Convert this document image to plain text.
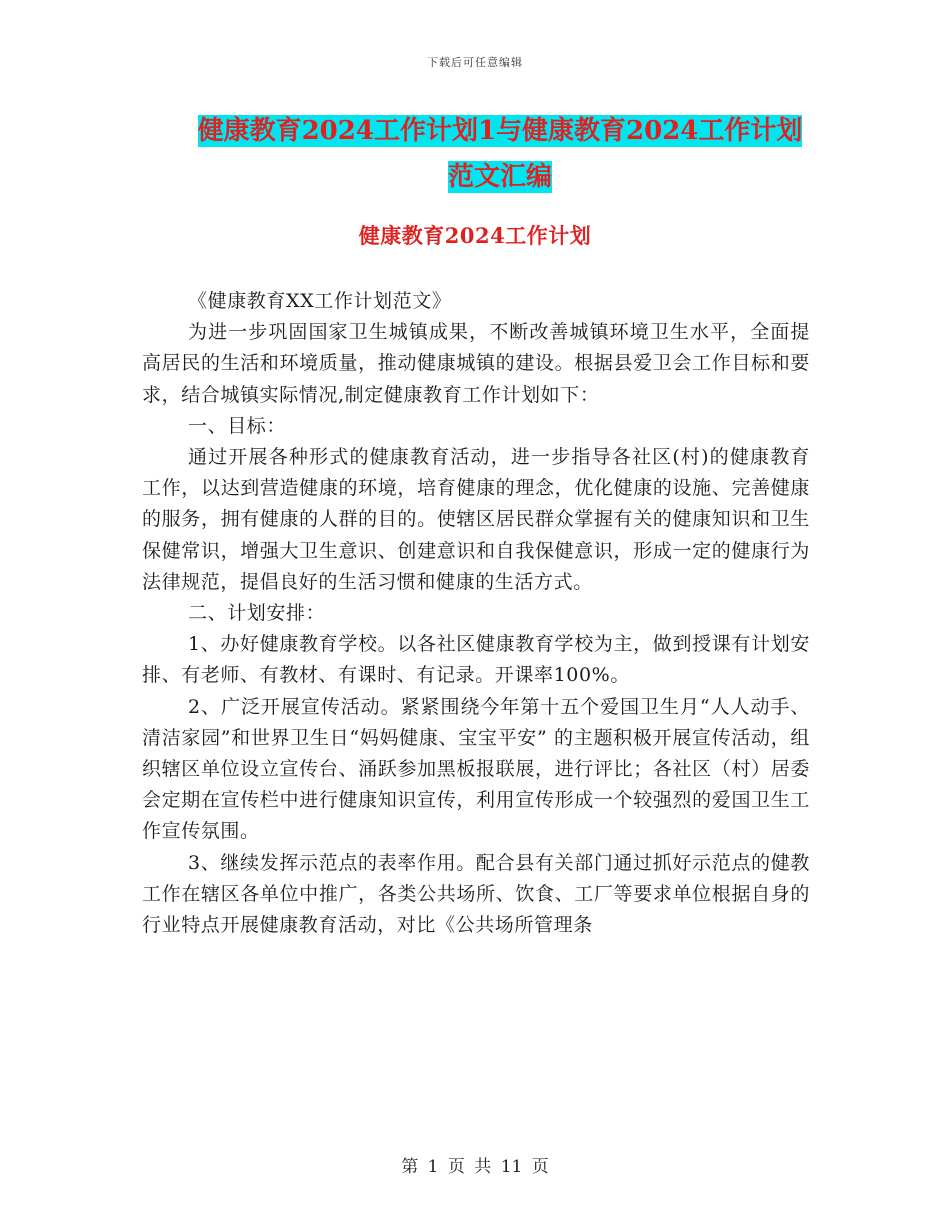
下载后可任意编辑
健康教育2024工作计划1与健康教育2024工作计划
范文汇编
健康教育2024工作计划

《健康教育XX工作计划范文》

为进一步巩固国家卫生城镇成果，不断改善城镇环境卫生水平，全面提高居民的生活和环境质量，推动健康城镇的建设。根据县爱卫会工作目标和要求，结合城镇实际情况,制定健康教育工作计划如下：

一、目标：

通过开展各种形式的健康教育活动，进一步指导各社区(村)的健康教育工作，以达到营造健康的环境，培育健康的理念，优化健康的设施、完善健康的服务，拥有健康的人群的目的。使辖区居民群众掌握有关的健康知识和卫生保健常识，增强大卫生意识、创建意识和自我保健意识，形成一定的健康行为法律规范，提倡良好的生活习惯和健康的生活方式。

二、计划安排：

1、办好健康教育学校。以各社区健康教育学校为主，做到授课有计划安排、有老师、有教材、有课时、有记录。开课率100%。

2、广泛开展宣传活动。紧紧围绕今年第十五个爱国卫生月“人人动手、清洁家园”和世界卫生日“妈妈健康、宝宝平安” 的主题积极开展宣传活动，组织辖区单位设立宣传台、涌跃参加黑板报联展，进行评比；各社区（村）居委会定期在宣传栏中进行健康知识宣传，利用宣传形成一个较强烈的爱国卫生工作宣传氛围。

3、继续发挥示范点的表率作用。配合县有关部门通过抓好示范点的健教工作在辖区各单位中推广，各类公共场所、饮食、工厂等要求单位根据自身的行业特点开展健康教育活动，对比《公共场所管理条

第 1 页 共 11 页
